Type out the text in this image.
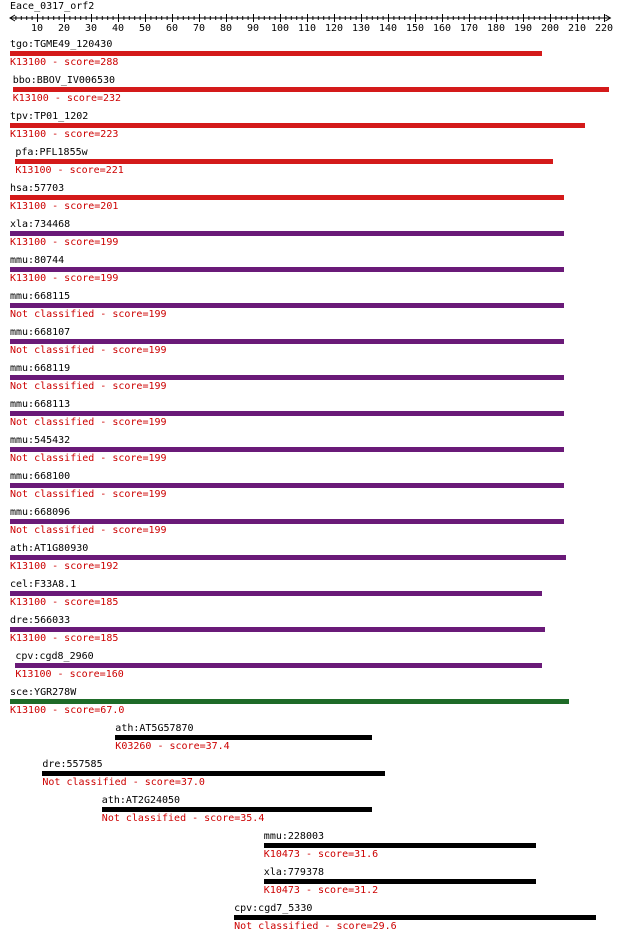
Eace_0317_orf2
10 20 30 40 50 60 70 80 90 100 110 120 130 140 150 160 170 180 190 200 210 220
tgo:TGME49_120430
K13100 - score=288
bbo:BBOV_IV006530
K13100 - score=232
tpv:TP01_1202
K13100 - score=223
pfa:PFL1855w
K13100 - score=221
hsa:57703
K13100 - score=201
xla:734468
K13100 - score=199
mmu:80744
K13100 - score=199
mmu:668115
Not classified - score=199
mmu:668107
Not classified - score=199
mmu:668119
Not classified - score=199
mmu:668113
Not classified - score=199
mmu:545432
Not classified - score=199
mmu:668100
Not classified - score=199
mmu:668096
Not classified - score=199
ath:AT1G80930
K13100 - score=192
cel:F33A8.1
K13100 - score=185
dre:566033
K13100 - score=185
cpv:cgd8_2960
K13100 - score=160
sce:YGR278W
K13100 - score=67.0
ath:AT5G57870
K03260 - score=37.4
dre:557585
Not classified - score=37.0
ath:AT2G24050
Not classified - score=35.4
mmu:228003
K10473 - score=31.6
xla:779378
K10473 - score=31.2
cpv:cgd7_5330
Not classified - score=29.6
